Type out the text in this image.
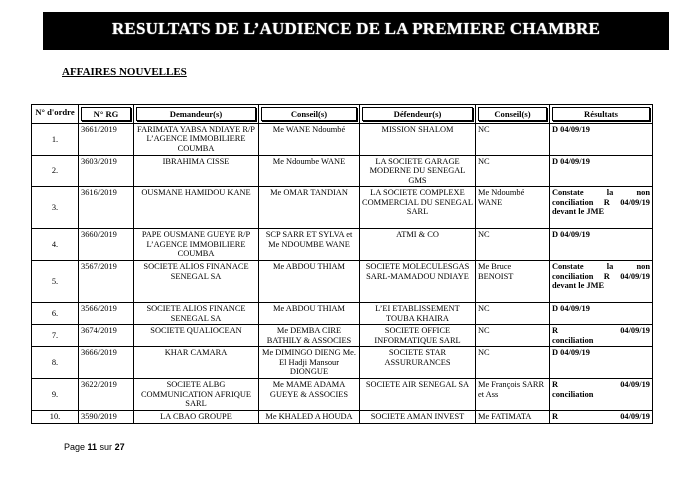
RESULTATS DE L’AUDIENCE DE LA PREMIERE CHAMBRE
AFFAIRES NOUVELLES
N° d'ordre	N° RG	Demandeur(s)	Conseil(s)	Défendeur(s)	Conseil(s)	Résultats

1.	3661/2019	FARIMATA YABSA NDIAYE R/P L’AGENCE IMMOBILIERE COUMBA	Me WANE Ndoumbé	MISSION SHALOM	NC	D 04/09/19
2.	3603/2019	IBRAHIMA CISSE	Me Ndoumbe WANE	LA SOCIETE GARAGE MODERNE DU SENEGAL GMS	NC	D 04/09/19
3.	3616/2019	OUSMANE HAMIDOU KANE	Me OMAR TANDIAN	LA SOCIETE COMPLEXE COMMERCIAL DU SENEGAL SARL	Me Ndoumbé WANE	Constate la non conciliation R 04/09/19 devant le JME
4.	3660/2019	PAPE OUSMANE GUEYE R/P L’AGENCE IMMOBILIERE COUMBA	SCP SARR ET SYLVA et Me NDOUMBE WANE	ATMI & CO	NC	D 04/09/19
5.	3567/2019	SOCIETE ALIOS FINANACE SENEGAL SA	Me ABDOU THIAM	SOCIETE MOLECULESGAS SARL-MAMADOU NDIAYE	Me Bruce BENOIST	Constate la non conciliation R 04/09/19 devant le JME
6.	3566/2019	SOCIETE ALIOS FINANCE SENEGAL SA	Me ABDOU THIAM	L’EI ETABLISSEMENT TOUBA KHAIRA	NC	D 04/09/19
7.	3674/2019	SOCIETE QUALIOCEAN	Me DEMBA CIRE BATHILY & ASSOCIES	SOCIETE OFFICE INFORMATIQUE SARL	NC	R 04/09/19
conciliation

8.	3666/2019	KHAR CAMARA	Me DIMINGO DIENG Me. El Hadji Mansour DIONGUE	SOCIETE STAR ASSURURANCES	NC	D 04/09/19
9.	3622/2019	SOCIETE ALBG COMMUNICATION AFRIQUE SARL	Me MAME ADAMA GUEYE & ASSOCIES	SOCIETE AIR SENEGAL SA	Me François SARR et Ass	R 04/09/19
conciliation

10.	3590/2019	LA CBAO GROUPE	Me KHALED A HOUDA	SOCIETE AMAN INVEST	Me FATIMATA	R 04/09/19
Page 11 sur 27
